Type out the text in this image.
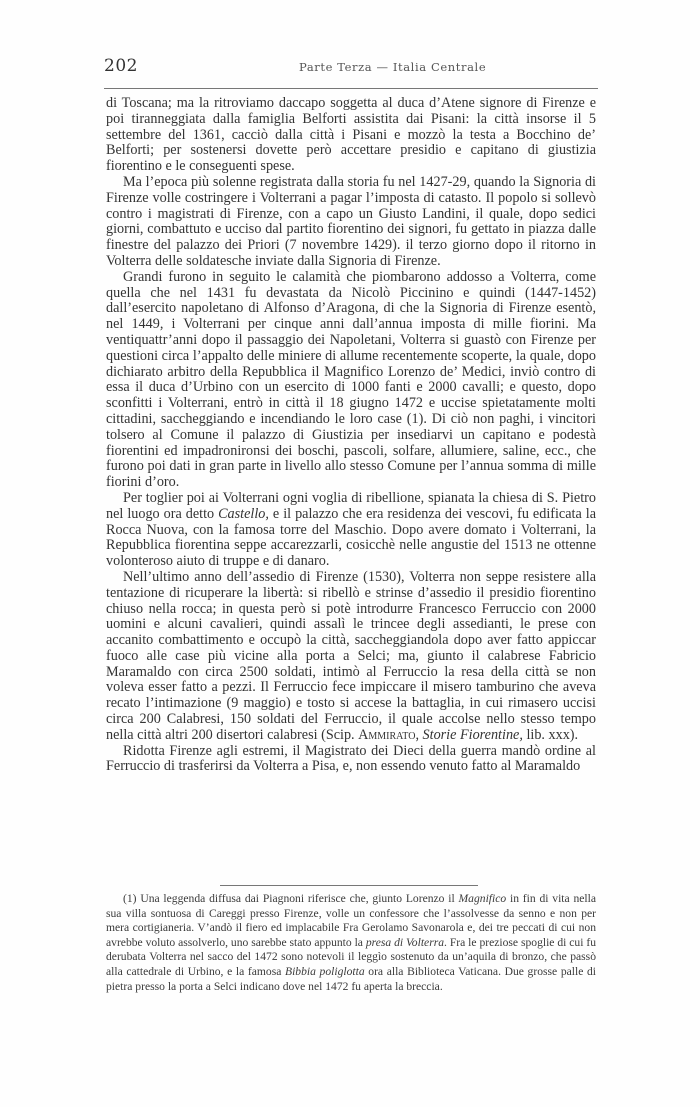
202	Parte Terza — Italia Centrale

di Toscana; ma la ritroviamo daccapo soggetta al duca d’Atene signore di Firenze e poi tiranneggiata dalla famiglia Belforti assistita dai Pisani: la città insorse il 5 settembre del 1361, cacciò dalla città i Pisani e mozzò la testa a Bocchino de’ Belforti; per sostenersi dovette però accettare presidio e capitano di giustizia fiorentino e le conseguenti spese.

Ma l’epoca più solenne registrata dalla storia fu nel 1427-29, quando la Signoria di Firenze volle costringere i Volterrani a pagar l’imposta di catasto. Il popolo si sollevò contro i magistrati di Firenze, con a capo un Giusto Landini, il quale, dopo sedici giorni, combattuto e ucciso dal partito fiorentino dei signori, fu gettato in piazza dalle finestre del palazzo dei Priori (7 novembre 1429). il terzo giorno dopo il ritorno in Volterra delle soldatesche inviate dalla Signoria di Firenze.

Grandi furono in seguito le calamità che piombarono addosso a Volterra, come quella che nel 1431 fu devastata da Nicolò Piccinino e quindi (1447-1452) dall’esercito napoletano di Alfonso d’Aragona, di che la Signoria di Firenze esentò, nel 1449, i Volterrani per cinque anni dall’annua imposta di mille fiorini. Ma ventiquattr’anni dopo il passaggio dei Napoletani, Volterra si guastò con Firenze per questioni circa l’appalto delle miniere di allume recentemente scoperte, la quale, dopo dichiarato arbitro della Repubblica il Magnifico Lorenzo de’ Medici, inviò contro di essa il duca d’Urbino con un esercito di 1000 fanti e 2000 cavalli; e questo, dopo sconfitti i Volterrani, entrò in città il 18 giugno 1472 e uccise spietatamente molti cittadini, saccheggiando e incendiando le loro case (1). Di ciò non paghi, i vincitori tolsero al Comune il palazzo di Giustizia per insediarvi un capitano e podestà fiorentini ed impadronironsi dei boschi, pascoli, solfare, allumiere, saline, ecc., che furono poi dati in gran parte in livello allo stesso Comune per l’annua somma di mille fiorini d’oro.

Per toglier poi ai Volterrani ogni voglia di ribellione, spianata la chiesa di S. Pietro nel luogo ora detto Castello, e il palazzo che era residenza dei vescovi, fu edificata la Rocca Nuova, con la famosa torre del Maschio. Dopo avere domato i Volterrani, la Repubblica fiorentina seppe accarezzarli, cosicchè nelle angustie del 1513 ne ottenne volonteroso aiuto di truppe e di danaro.

Nell’ultimo anno dell’assedio di Firenze (1530), Volterra non seppe resistere alla tentazione di ricuperare la libertà: si ribellò e strinse d’assedio il presidio fiorentino chiuso nella rocca; in questa però si potè introdurre Francesco Ferruccio con 2000 uomini e alcuni cavalieri, quindi assalì le trincee degli assedianti, le prese con accanito combattimento e occupò la città, saccheggiandola dopo aver fatto appiccar fuoco alle case più vicine alla porta a Selci; ma, giunto il calabrese Fabricio Maramaldo con circa 2500 soldati, intimò al Ferruccio la resa della città se non voleva esser fatto a pezzi. Il Ferruccio fece impiccare il misero tamburino che aveva recato l’intimazione (9 maggio) e tosto si accese la battaglia, in cui rimasero uccisi circa 200 Calabresi, 150 soldati del Ferruccio, il quale accolse nello stesso tempo nella città altri 200 disertori calabresi (Scip. Ammirato, Storie Fiorentine, lib. xxx).

Ridotta Firenze agli estremi, il Magistrato dei Dieci della guerra mandò ordine al Ferruccio di trasferirsi da Volterra a Pisa, e, non essendo venuto fatto al Maramaldo

(1) Una leggenda diffusa dai Piagnoni riferisce che, giunto Lorenzo il Magnifico in fin di vita nella sua villa sontuosa di Careggi presso Firenze, volle un confessore che l’assolvesse da senno e non per mera cortigianeria. V’andò il fiero ed implacabile Fra Gerolamo Savonarola e, dei tre peccati di cui non avrebbe voluto assolverlo, uno sarebbe stato appunto la presa di Volterra. Fra le preziose spoglie di cui fu derubata Volterra nel sacco del 1472 sono notevoli il leggìo sostenuto da un’aquila di bronzo, che passò alla cattedrale di Urbino, e la famosa Bibbia poliglotta ora alla Biblioteca Vaticana. Due grosse palle di pietra presso la porta a Selci indicano dove nel 1472 fu aperta la breccia.
